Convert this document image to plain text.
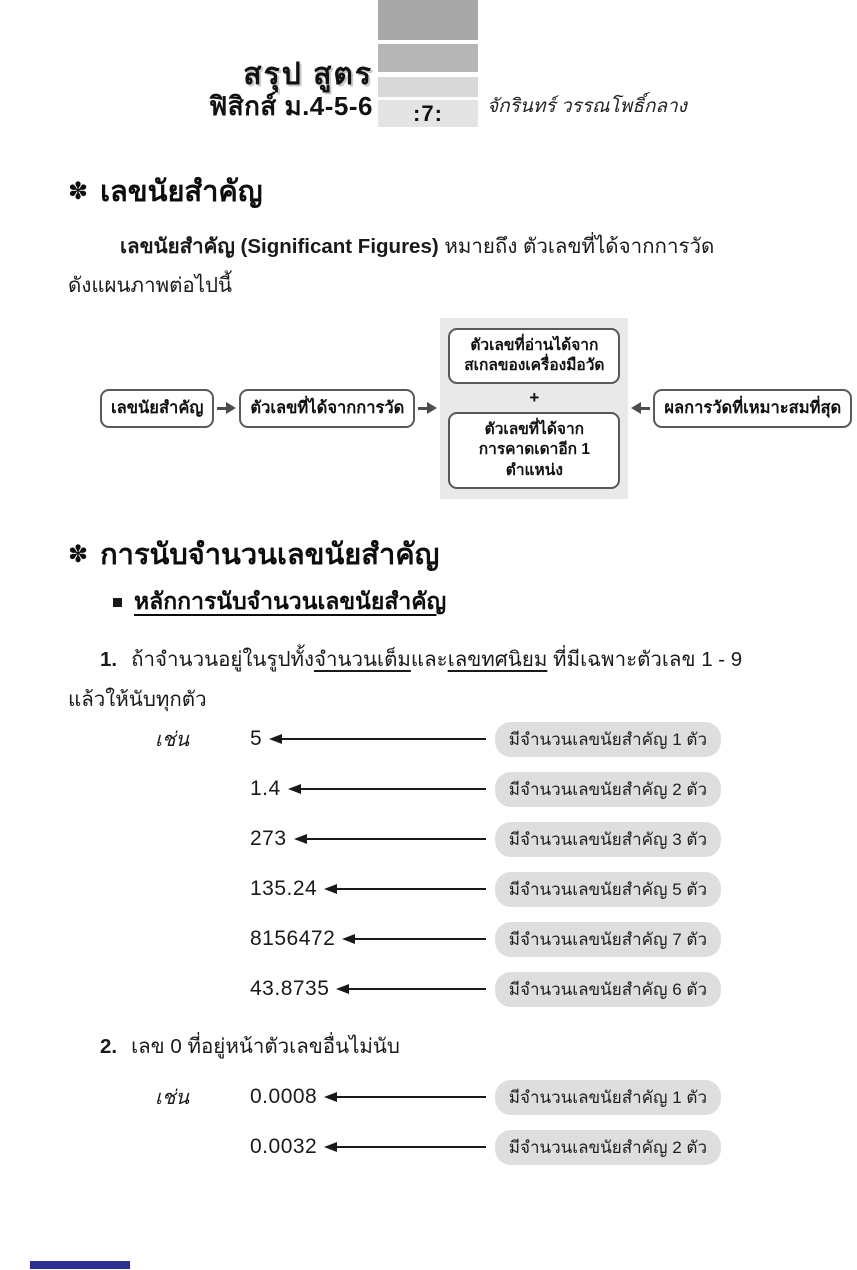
:7:
สรุป สูตร
ฟิสิกส์ ม.4-5-6	จักรินทร์ วรรณโพธิ์กลาง
✽ เลขนัยสำคัญ
เลขนัยสำคัญ (Significant Figures) หมายถึง ตัวเลขที่ได้จากการวัด
ดังแผนภาพต่อไปนี้
เลขนัยสำคัญ	ตัวเลขที่ได้จากการวัด
ตัวเลขที่อ่านได้จาก
สเกลของเครื่องมือวัด
+
ตัวเลขที่ได้จาก
การคาดเดาอีก 1 ตำแหน่ง
ผลการวัดที่เหมาะสมที่สุด
✽ การนับจำนวนเลขนัยสำคัญ
หลักการนับจำนวนเลขนัยสำคัญ
1. ถ้าจำนวนอยู่ในรูปทั้งจำนวนเต็มและเลขทศนิยม ที่มีเฉพาะตัวเลข 1 - 9
แล้วให้นับทุกตัว
เช่น	5	มีจำนวนเลขนัยสำคัญ 1 ตัว
1.4	มีจำนวนเลขนัยสำคัญ 2 ตัว
273	มีจำนวนเลขนัยสำคัญ 3 ตัว
135.24	มีจำนวนเลขนัยสำคัญ 5 ตัว
8156472	มีจำนวนเลขนัยสำคัญ 7 ตัว
43.8735	มีจำนวนเลขนัยสำคัญ 6 ตัว
2. เลข 0 ที่อยู่หน้าตัวเลขอื่นไม่นับ
เช่น	0.0008	มีจำนวนเลขนัยสำคัญ 1 ตัว
0.0032	มีจำนวนเลขนัยสำคัญ 2 ตัว
